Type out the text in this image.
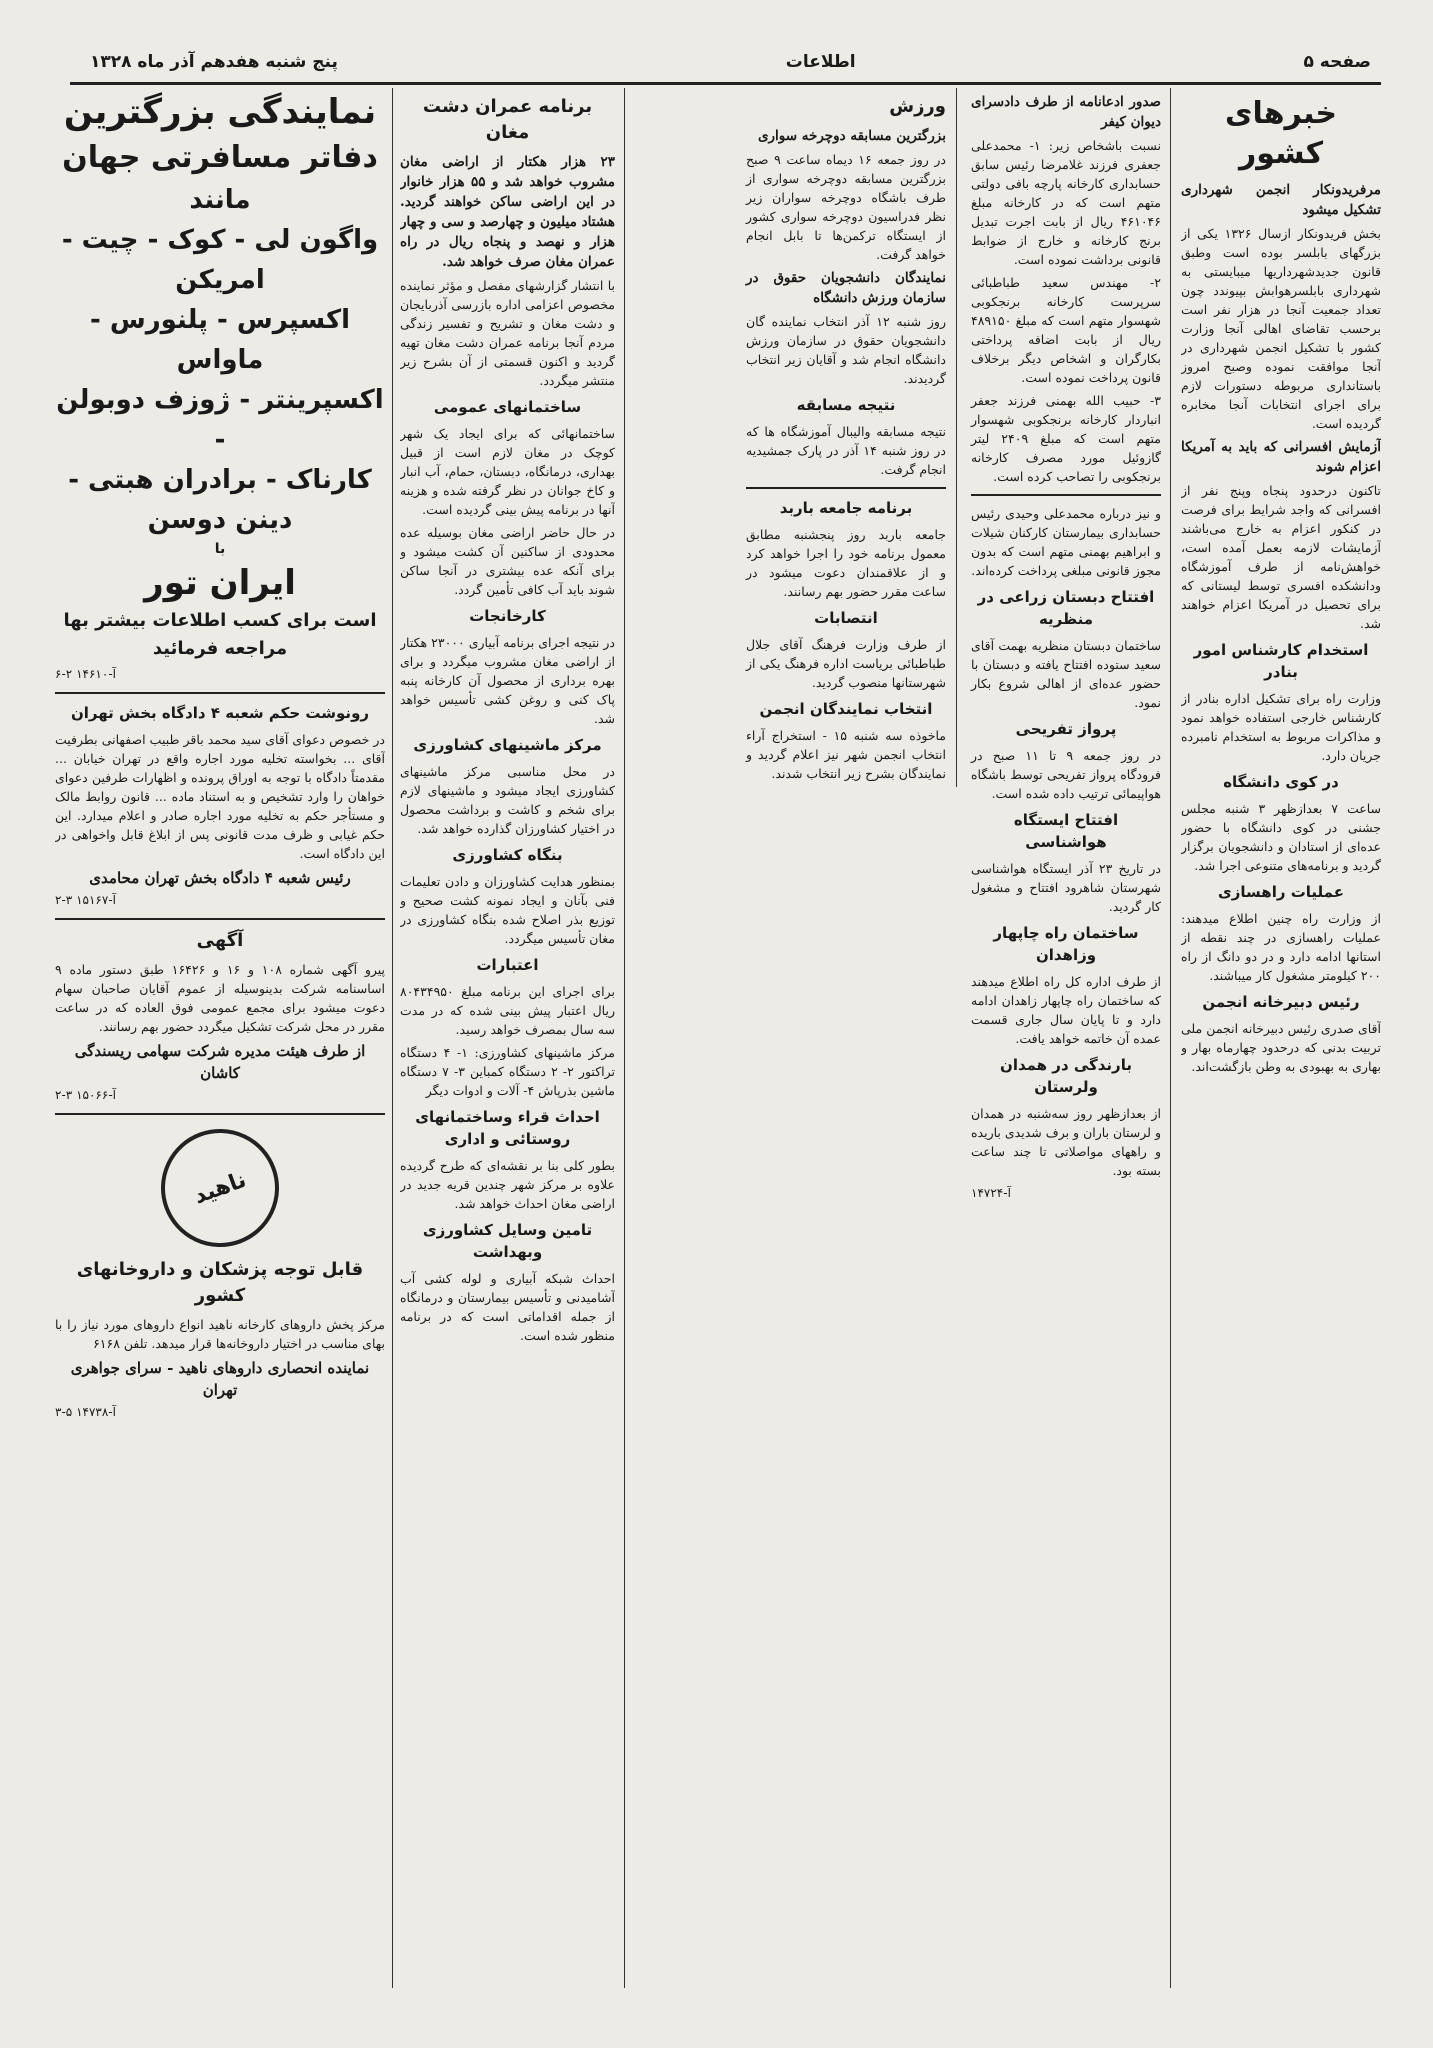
صفحه ۵
اطلاعات
پنج شنبه هفدهم آذر ماه ۱۳۲۸
خبرهای کشور
مرفریدونکار انجمن شهرداری تشکیل میشود

بخش فریدونکار ازسال ۱۳۲۶ یکی از بزرگهای بابلسر بوده است وطبق قانون جدیدشهرداریها میبایستی به شهرداری بابلسرهوابش بپیوندد چون تعداد جمعیت آنجا در هزار نفر است برحسب تقاضای اهالی آنجا وزارت کشور با تشکیل انجمن شهرداری در آنجا موافقت نموده وصبح امروز باستانداری مربوطه دستورات لازم برای اجرای انتخابات آنجا مخابره گردیده است.

آزمایش افسرانی که باید به آمریکا اعزام شوند

تاکنون درحدود پنجاه وپنج نفر از افسرانی که واجد شرایط برای فرصت در کنکور اعزام به خارج می‌باشند آزمایشات لازمه بعمل آمده است، خواهش‌نامه از طرف آموزشگاه ودانشکده افسری توسط لیستانی که برای تحصیل در آمریکا اعزام خواهند شد.

استخدام کارشناس امور بنادر

وزارت راه برای تشکیل اداره بنادر از کارشناس خارجی استفاده خواهد نمود و مذاکرات مربوط به استخدام نامبرده جریان دارد.

در کوی دانشگاه

ساعت ۷ بعدازظهر ۳ شنبه مجلس جشنی در کوی دانشگاه با حضور عده‌ای از استادان و دانشجویان برگزار گردید و برنامه‌های متنوعی اجرا شد.

عملیات راهسازی

از وزارت راه چنین اطلاع میدهند: عملیات راهسازی در چند نقطه از استانها ادامه دارد و در دو دانگ از راه ۲۰۰ کیلومتر مشغول کار میباشند.

رئیس دبیرخانه انجمن

آقای صدری رئیس دبیرخانه انجمن ملی تربیت بدنی که درحدود چهارماه بهار و بهاری به بهبودی به وطن بازگشت‌اند.

صدور ادعانامه از طرف دادسرای دیوان کیفر

نسبت باشخاص زیر: ۱- محمدعلی جعفری فرزند غلامرضا رئیس سابق حسابداری کارخانه پارچه بافی دولتی متهم است که در کارخانه مبلغ ۴۶۱۰۴۶ ریال از بابت اجرت تبدیل برنج کارخانه و خارج از ضوابط قانونی برداشت نموده است.

۲- مهندس سعید طباطبائی سرپرست کارخانه برنجکوبی شهسوار متهم است که مبلغ ۴۸۹۱۵۰ ریال از بابت اضافه پرداختی بکارگران و اشخاص دیگر برخلاف قانون پرداخت نموده است.

۳- حبیب الله بهمنی فرزند جعفر انباردار کارخانه برنجکوبی شهسوار متهم است که مبلغ ۲۴۰۹ لیتر گازوئیل مورد مصرف کارخانه برنجکوبی را تصاحب کرده است.

و نیز درباره محمدعلی وحیدی رئیس حسابداری بیمارستان کارکنان شیلات و ابراهیم بهمنی متهم است که بدون مجوز قانونی مبلغی پرداخت کرده‌اند.

افتتاح دبستان زراعی در منظریه

ساختمان دبستان منظریه بهمت آقای سعید ستوده افتتاح یافته و دبستان با حضور عده‌ای از اهالی شروع بکار نمود.

پرواز تفریحی

در روز جمعه ۹ تا ۱۱ صبح در فرودگاه پرواز تفریحی توسط باشگاه هواپیمائی ترتیب داده شده است.

افتتاح ایستگاه هواشناسی

در تاریخ ۲۳ آذر ایستگاه هواشناسی شهرستان شاهرود افتتاح و مشغول کار گردید.

ساختمان راه چاپهار وزاهدان

از طرف اداره کل راه اطلاع میدهند که ساختمان راه چاپهار زاهدان ادامه دارد و تا پایان سال جاری قسمت عمده آن خاتمه خواهد یافت.

بارندگی در همدان ولرستان

از بعدازظهر روز سه‌شنبه در همدان و لرستان باران و برف شدیدی باریده و راههای مواصلاتی تا چند ساعت بسته بود.

آ-۱۴۷۲۴
ورزش
بزرگترین مسابقه دوچرخه سواری

در روز جمعه ۱۶ دیماه ساعت ۹ صبح بزرگترین مسابقه دوچرخه سواری از طرف باشگاه دوچرخه سواران زیر نظر فدراسیون دوچرخه سواری کشور از ایستگاه ترکمن‌ها تا بابل انجام خواهد گرفت.

نمایندگان دانشجویان حقوق در سازمان ورزش دانشگاه

روز شنبه ۱۲ آذر انتخاب نماینده گان دانشجویان حقوق در سازمان ورزش دانشگاه انجام شد و آقایان زیر انتخاب گردیدند.

نتیجه مسابقه

نتیجه مسابقه والیبال آموزشگاه ها که در روز شنبه ۱۴ آذر در پارک جمشیدیه انجام گرفت.

برنامه جامعه باربد

جامعه باربد روز پنجشنبه مطابق معمول برنامه خود را اجرا خواهد کرد و از علاقمندان دعوت میشود در ساعت مقرر حضور بهم رسانند.

انتصابات

از طرف وزارت فرهنگ آقای جلال طباطبائی بریاست اداره فرهنگ یکی از شهرستانها منصوب گردید.

انتخاب نمایندگان انجمن

ماخوذه سه شنبه ۱۵ - استخراج آراء انتخاب انجمن شهر نیز اعلام گردید و نمایندگان بشرح زیر انتخاب شدند.

برنامه عمران دشت مغان

۲۳ هزار هکتار از اراضی مغان مشروب خواهد شد و ۵۵ هزار خانوار در این اراضی ساکن خواهند گردید. هشتاد میلیون و چهارصد و سی و چهار هزار و نهصد و پنجاه ریال در راه عمران مغان صرف خواهد شد.

با انتشار گزارشهای مفصل و مؤثر نماینده مخصوص اعزامی اداره بازرسی آذربایجان و دشت مغان و تشریح و تفسیر زندگی مردم آنجا برنامه عمران دشت مغان تهیه گردید و اکنون قسمتی از آن بشرح زیر منتشر میگردد.

ساختمانهای عمومی

ساختمانهائی که برای ایجاد یک شهر کوچک در مغان لازم است از قبیل بهداری، درمانگاه، دبستان، حمام، آب انبار و کاخ جوانان در نظر گرفته شده و هزینه آنها در برنامه پیش بینی گردیده است.

در حال حاضر اراضی مغان بوسیله عده محدودی از ساکنین آن کشت میشود و برای آنکه عده بیشتری در آنجا ساکن شوند باید آب کافی تأمین گردد.

کارخانجات

در نتیجه اجرای برنامه آبیاری ۲۳۰۰۰ هکتار از اراضی مغان مشروب میگردد و برای بهره برداری از محصول آن کارخانه پنبه پاک کنی و روغن کشی تأسیس خواهد شد.

مرکز ماشینهای کشاورزی

در محل مناسبی مرکز ماشینهای کشاورزی ایجاد میشود و ماشینهای لازم برای شخم و کاشت و برداشت محصول در اختیار کشاورزان گذارده خواهد شد.

بنگاه کشاورزی

بمنظور هدایت کشاورزان و دادن تعلیمات فنی بآنان و ایجاد نمونه کشت صحیح و توزیع بذر اصلاح شده بنگاه کشاورزی در مغان تأسیس میگردد.

اعتبارات

برای اجرای این برنامه مبلغ ۸۰۴۳۴۹۵۰ ریال اعتبار پیش بینی شده که در مدت سه سال بمصرف خواهد رسید.

مرکز ماشینهای کشاورزی: ۱- ۴ دستگاه تراکتور ۲- ۲ دستگاه کمباین ۳- ۷ دستگاه ماشین بذرپاش ۴- آلات و ادوات دیگر

احداث قراء وساختمانهای روستائی و اداری

بطور کلی بنا بر نقشه‌ای که طرح گردیده علاوه بر مرکز شهر چندین قریه جدید در اراضی مغان احداث خواهد شد.

تامین وسایل کشاورزی وبهداشت

احداث شبکه آبیاری و لوله کشی آب آشامیدنی و تأسیس بیمارستان و درمانگاه از جمله اقداماتی است که در برنامه منظور شده است.

نمایندگی بزرگترین
دفاتر مسافرتی جهان
مانند
واگون لی - کوک - چیت - امریکن
اکسپرس - پلنورس - ماواس
اکسپرینتر - ژوزف دوبولن -
کارناک - برادران هبتی -
دینن دوسن
با
ایران تور
است برای کسب اطلاعات بیشتر بها
مراجعه فرمائید
آ-۱۴۶۱۰ ۲-۶
رونوشت حکم شعبه ۴ دادگاه بخش تهران

در خصوص دعوای آقای سید محمد باقر طبیب اصفهانی بطرفیت آقای ... بخواسته تخلیه مورد اجاره واقع در تهران خیابان ... مقدمتاً دادگاه با توجه به اوراق پرونده و اظهارات طرفین دعوای خواهان را وارد تشخیص و به استناد ماده ... قانون روابط مالک و مستأجر حکم به تخلیه مورد اجاره صادر و اعلام میدارد. این حکم غیابی و ظرف مدت قانونی پس از ابلاغ قابل واخواهی در این دادگاه است.

رئیس شعبه ۴ دادگاه بخش تهران محامدی
آ-۱۵۱۶۷ ۳-۲
آگهی

پیرو آگهی شماره ۱۰۸ و ۱۶ و ۱۶۴۲۶ طبق دستور ماده ۹ اساسنامه شرکت بدینوسیله از عموم آقایان صاحبان سهام دعوت میشود برای مجمع عمومی فوق العاده که در ساعت مقرر در محل شرکت تشکیل میگردد حضور بهم رسانند.

از طرف هیئت مدیره شرکت سهامی ریسندگی کاشان
آ-۱۵۰۶۶ ۳-۲
ناهید
قابل توجه پزشکان و داروخانهای کشور

مرکز پخش داروهای کارخانه ناهید انواع داروهای مورد نیاز را با بهای مناسب در اختیار داروخانه‌ها قرار میدهد. تلفن ۶۱۶۸

نماینده انحصاری داروهای ناهید - سرای جواهری تهران
آ-۱۴۷۳۸ ۵-۳
